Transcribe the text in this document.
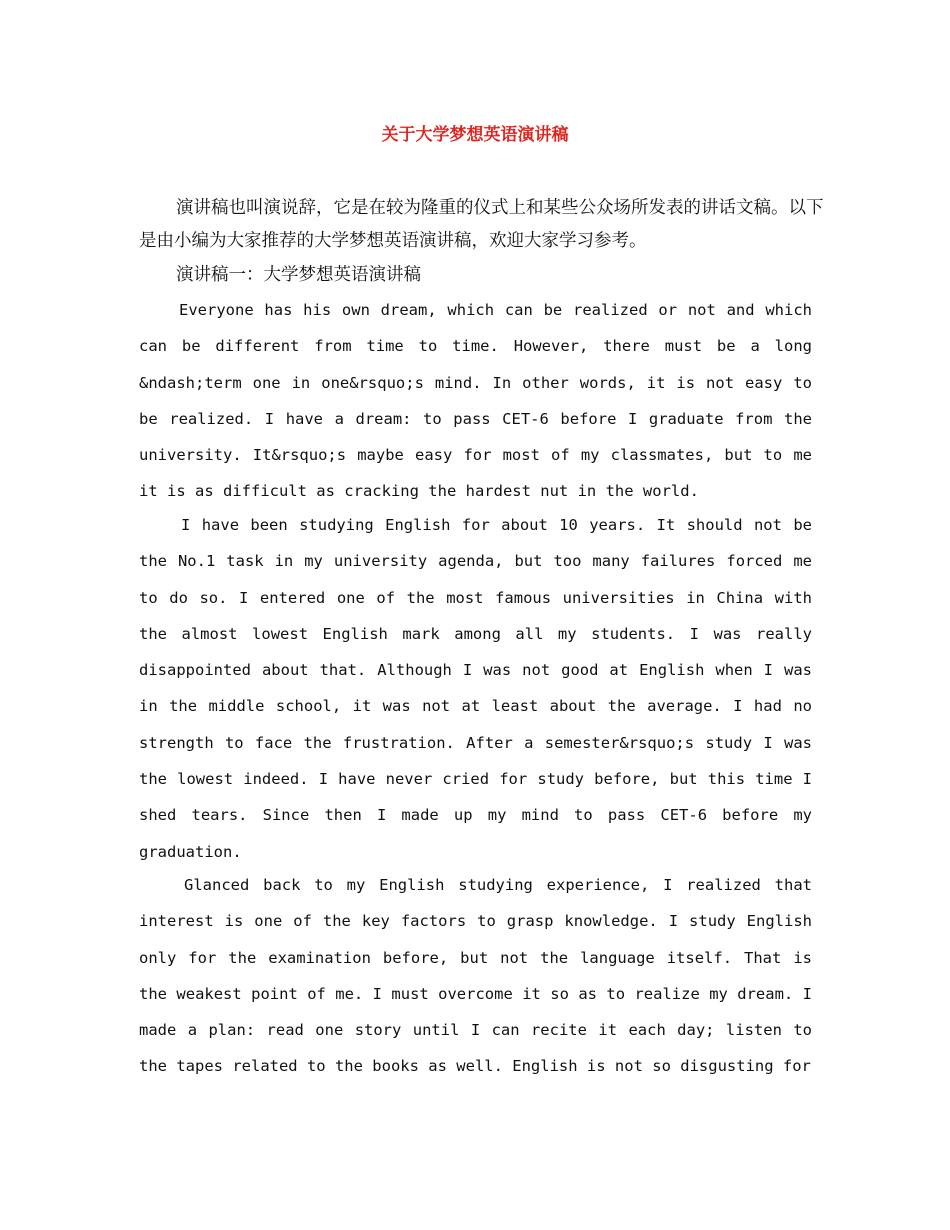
关于大学梦想英语演讲稿

演讲稿也叫演说辞，它是在较为隆重的仪式上和某些公众场所发表的讲话文稿。以下是由小编为大家推荐的大学梦想英语演讲稿，欢迎大家学习参考。

演讲稿一：大学梦想英语演讲稿

Everyone has his own dream, which can be realized or not and which can be different from time to time. However, there must be a long &ndash;term one in one&rsquo;s mind. In other words, it is not easy to be realized. I have a dream: to pass CET-6 before I graduate from the university. It&rsquo;s maybe easy for most of my classmates, but to me it is as difficult as cracking the hardest nut in the world.

I have been studying English for about 10 years. It should not be the No.1 task in my university agenda, but too many failures forced me to do so. I entered one of the most famous universities in China with the almost lowest English mark among all my students. I was really disappointed about that. Although I was not good at English when I was in the middle school, it was not at least about the average. I had no strength to face the frustration. After a semester&rsquo;s study I was the lowest indeed. I have never cried for study before, but this time I shed tears. Since then I made up my mind to pass CET-6 before my graduation.

Glanced back to my English studying experience, I realized that interest is one of the key factors to grasp knowledge. I study English only for the examination before, but not the language itself. That is the weakest point of me. I must overcome it so as to realize my dream. I made a plan: read one story until I can recite it each day; listen to the tapes related to the books as well. English is not so disgusting for
